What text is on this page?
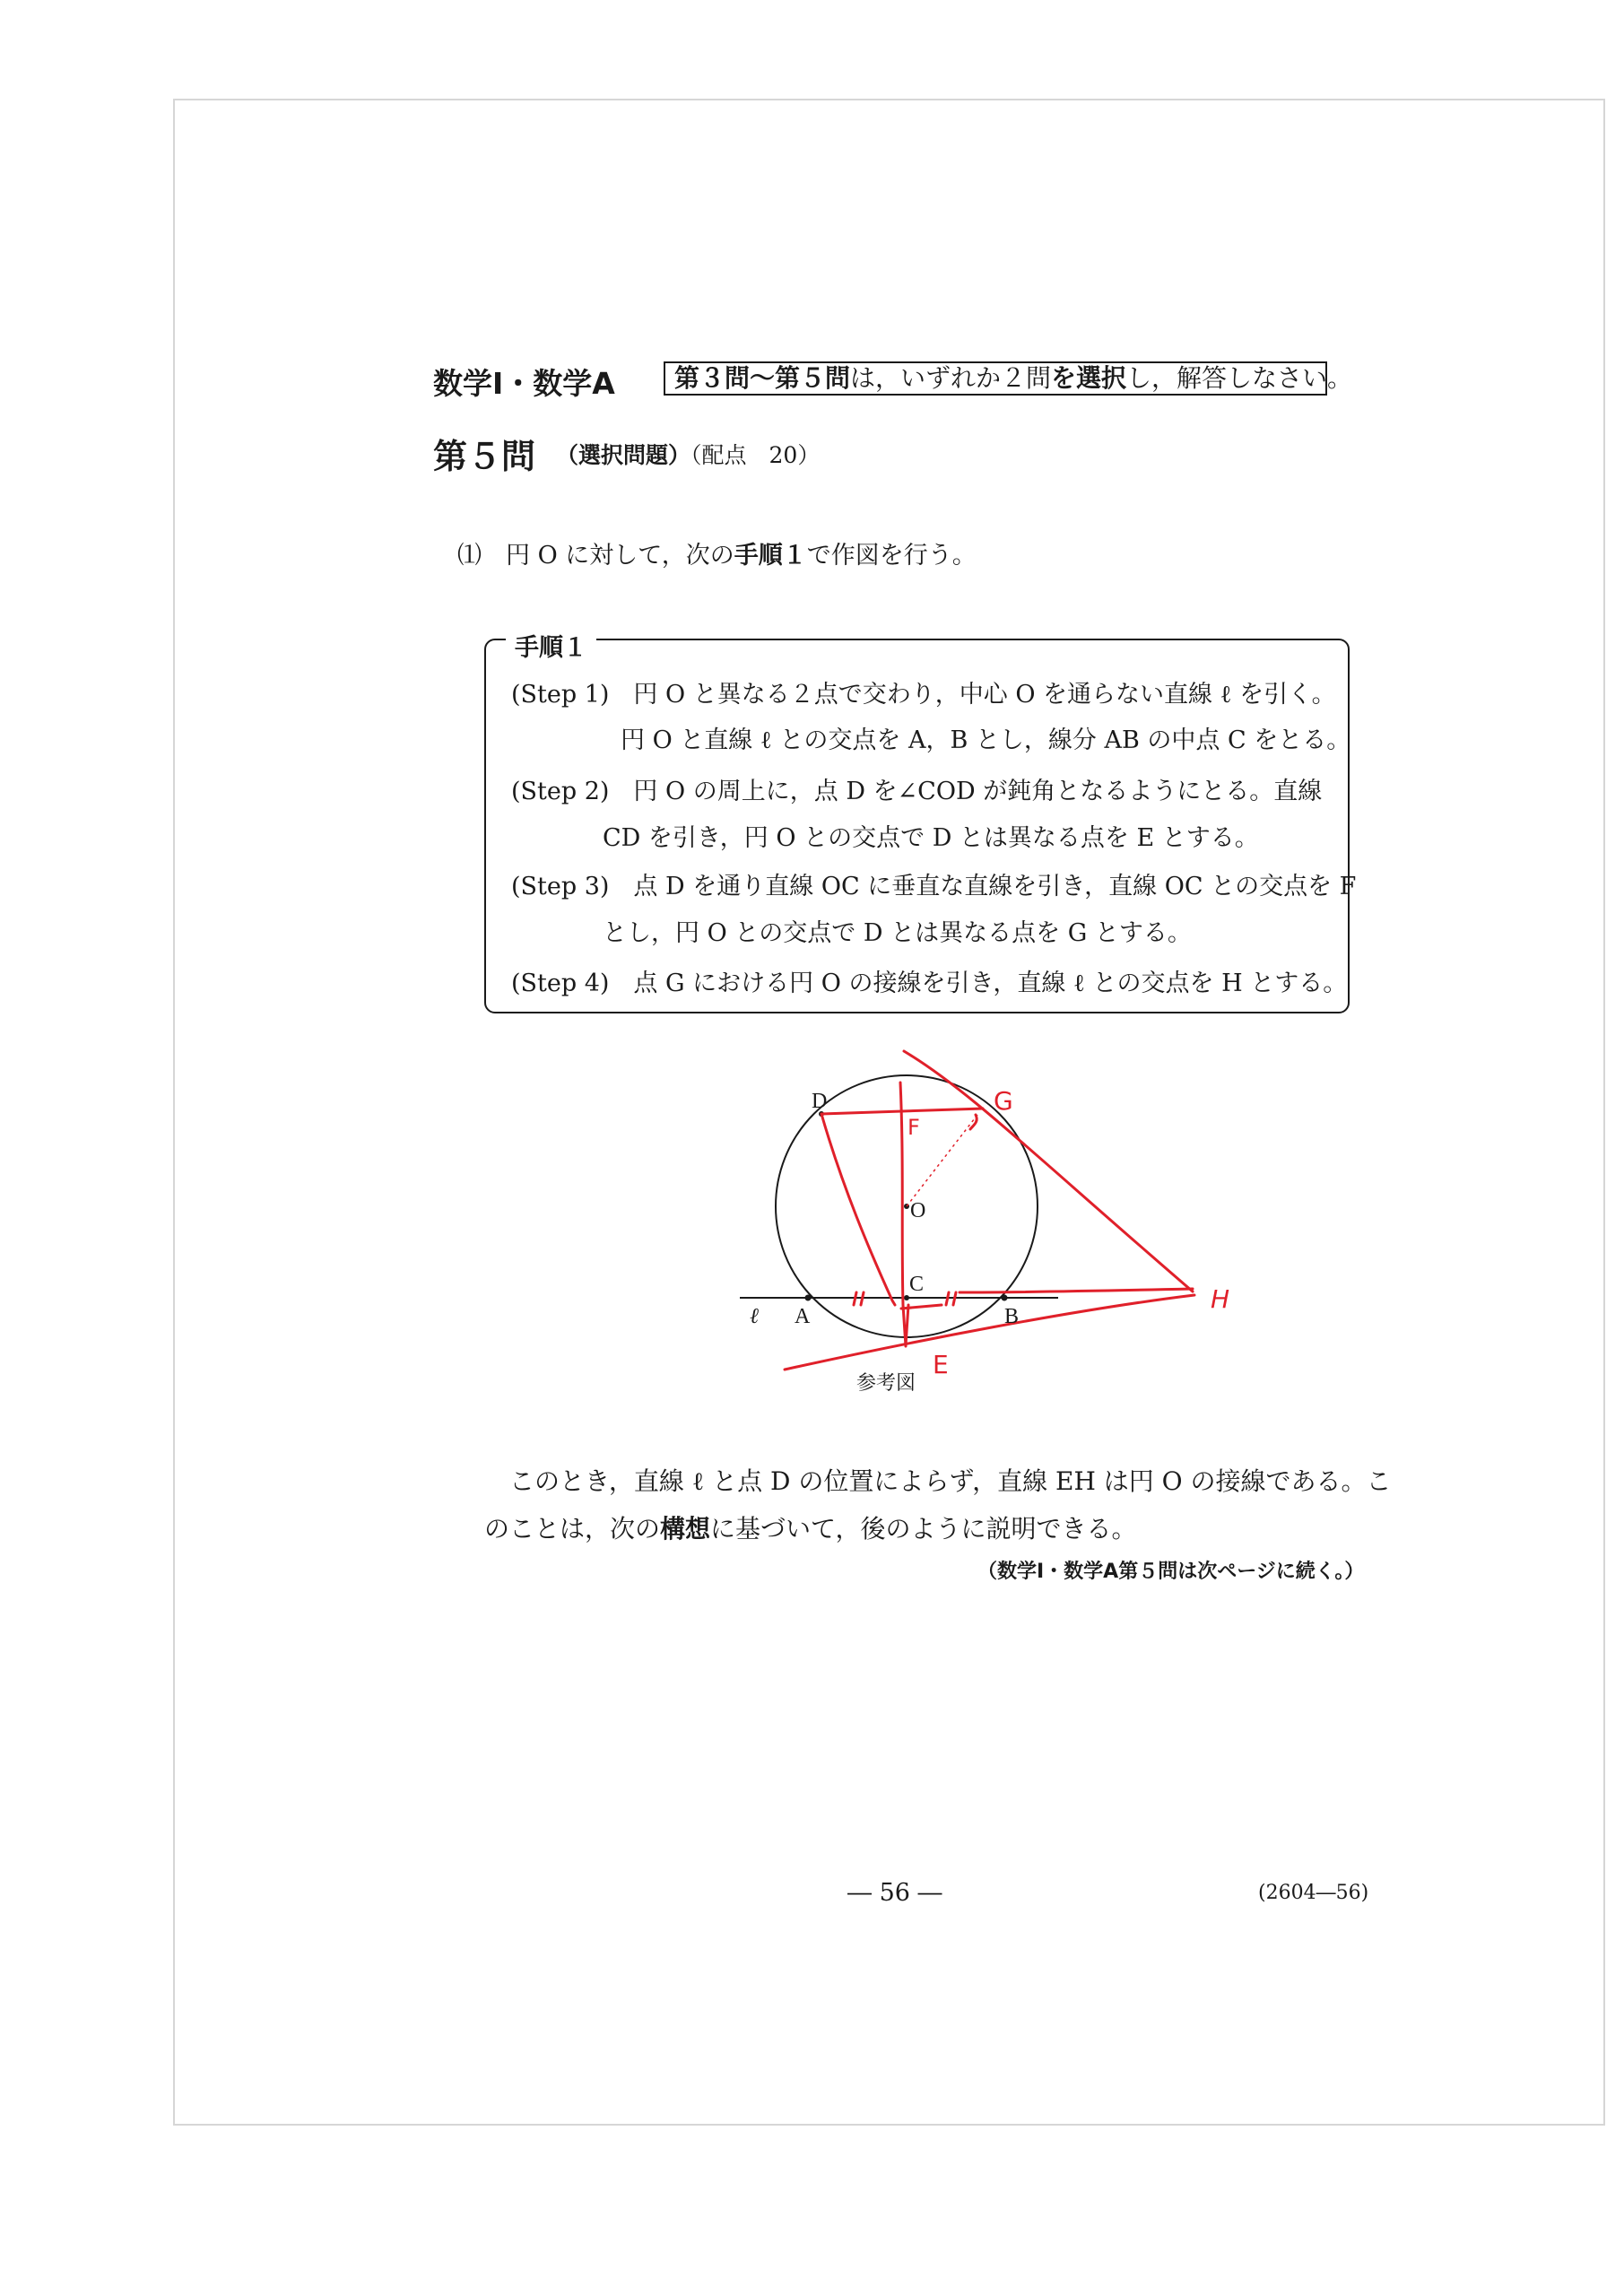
数学Ⅰ・数学A	第３問～第５問は，いずれか２問を選択し，解答しなさい。
第５問 （選択問題）（配点　20）
⑴　円 O に対して，次の手順１で作図を行う。
手順１
(Step 1)　円 O と異なる２点で交わり，中心 O を通らない直線 ℓ を引く。
円 O と直線 ℓ との交点を A，B とし，線分 AB の中点 C をとる。
(Step 2)　円 O の周上に，点 D を∠COD が鈍角となるようにとる。直線
CD を引き，円 O との交点で D とは異なる点を E とする。
(Step 3)　点 D を通り直線 OC に垂直な直線を引き，直線 OC との交点を F
とし，円 O との交点で D とは異なる点を G とする。
(Step 4)　点 G における円 O の接線を引き，直線 ℓ との交点を H とする。
D
O
C
A	B
ℓ
参考図
G
F
H
E
このとき，直線 ℓ と点 D の位置によらず，直線 EH は円 O の接線である。こ
のことは，次の構想に基づいて，後のように説明できる。
（数学Ⅰ・数学A第５問は次ページに続く。）
― 56 ―	(2604―56)
